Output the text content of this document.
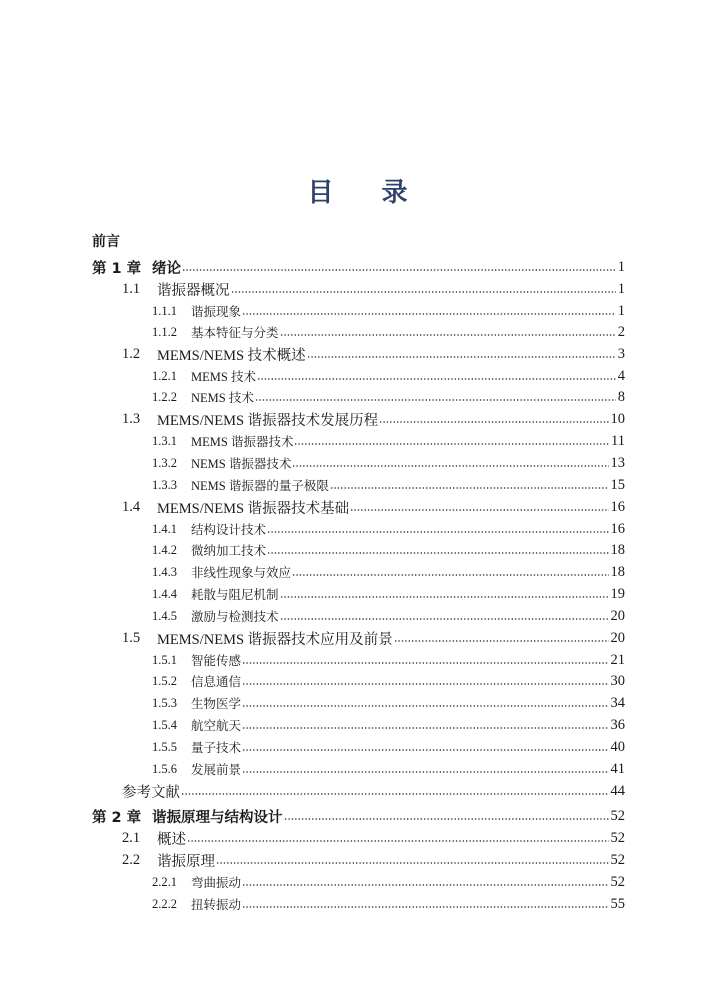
目 录
前言
第 1 章 绪论	1
1.1	谐振器概况	1
1.1.1	谐振现象	1
1.1.2	基本特征与分类	2
1.2	MEMS/NEMS 技术概述	3
1.2.1	MEMS 技术	4
1.2.2	NEMS 技术	8
1.3	MEMS/NEMS 谐振器技术发展历程	10
1.3.1	MEMS 谐振器技术	11
1.3.2	NEMS 谐振器技术	13
1.3.3	NEMS 谐振器的量子极限	15
1.4	MEMS/NEMS 谐振器技术基础	16
1.4.1	结构设计技术	16
1.4.2	微纳加工技术	18
1.4.3	非线性现象与效应	18
1.4.4	耗散与阻尼机制	19
1.4.5	激励与检测技术	20
1.5	MEMS/NEMS 谐振器技术应用及前景	20
1.5.1	智能传感	21
1.5.2	信息通信	30
1.5.3	生物医学	34
1.5.4	航空航天	36
1.5.5	量子技术	40
1.5.6	发展前景	41
参考文献	44
第 2 章 谐振原理与结构设计	52
2.1	概述	52
2.2	谐振原理	52
2.2.1	弯曲振动	52
2.2.2	扭转振动	55
